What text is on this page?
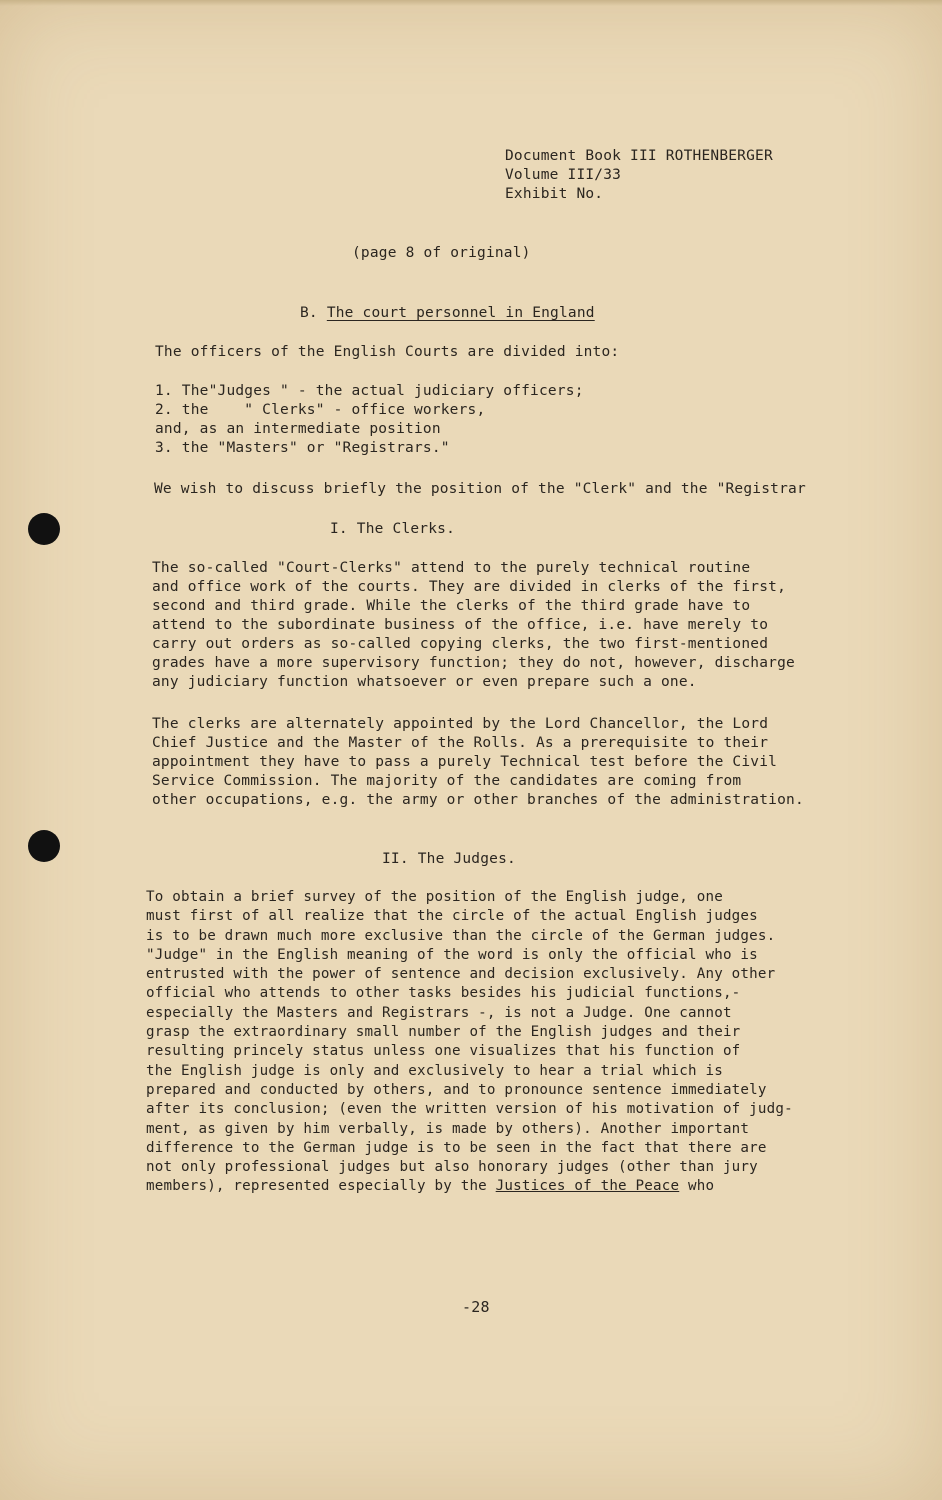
Document Book III ROTHENBERGER
Volume III/33
Exhibit No.
(page 8 of original)
B. The court personnel in England
The officers of the English Courts are divided into:
1. The"Judges " - the actual judiciary officers;
2. the    " Clerks" - office workers,
and, as an intermediate position
3. the "Masters" or "Registrars."
We wish to discuss briefly the position of the "Clerk" and the "Registrar
I. The Clerks.
The so-called "Court-Clerks" attend to the purely technical routine
and office work of the courts. They are divided in clerks of the first,
second and third grade. While the clerks of the third grade have to
attend to the subordinate business of the office, i.e. have merely to
carry out orders as so-called copying clerks, the two first-mentioned
grades have a more supervisory function; they do not, however, discharge
any judiciary function whatsoever or even prepare such a one.
The clerks are alternately appointed by the Lord Chancellor, the Lord
Chief Justice and the Master of the Rolls. As a prerequisite to their
appointment they have to pass a purely Technical test before the Civil
Service Commission. The majority of the candidates are coming from
other occupations, e.g. the army or other branches of the administration.
II. The Judges.
To obtain a brief survey of the position of the English judge, one
must first of all realize that the circle of the actual English judges
is to be drawn much more exclusive than the circle of the German judges.
"Judge" in the English meaning of the word is only the official who is
entrusted with the power of sentence and decision exclusively. Any other
official who attends to other tasks besides his judicial functions,-
especially the Masters and Registrars -, is not a Judge. One cannot
grasp the extraordinary small number of the English judges and their
resulting princely status unless one visualizes that his function of
the English judge is only and exclusively to hear a trial which is
prepared and conducted by others, and to pronounce sentence immediately
after its conclusion; (even the written version of his motivation of judg-
ment, as given by him verbally, is made by others). Another important
difference to the German judge is to be seen in the fact that there are
not only professional judges but also honorary judges (other than jury
members), represented especially by the Justices of the Peace who
-28
